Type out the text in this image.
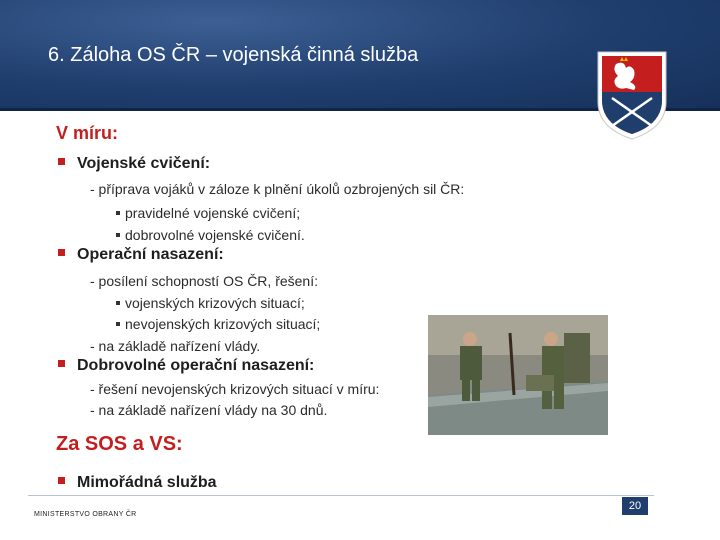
6. Záloha OS ČR – vojenská činná služba
V míru:
Vojenské cvičení:
- příprava vojáků v záloze k plnění úkolů ozbrojených sil ČR:
pravidelné vojenské cvičení;
dobrovolné vojenské cvičení.
Operační nasazení:
- posílení schopností OS ČR, řešení:
vojenských krizových situací;
nevojenských krizových situací;
- na základě nařízení vlády.
Dobrovolné operační nasazení:
- řešení nevojenských krizových situací v míru:
- na základě nařízení vlády na 30 dnů.
Za SOS a VS:
Mimořádná služba
20
MINISTERSTVO OBRANY ČR
